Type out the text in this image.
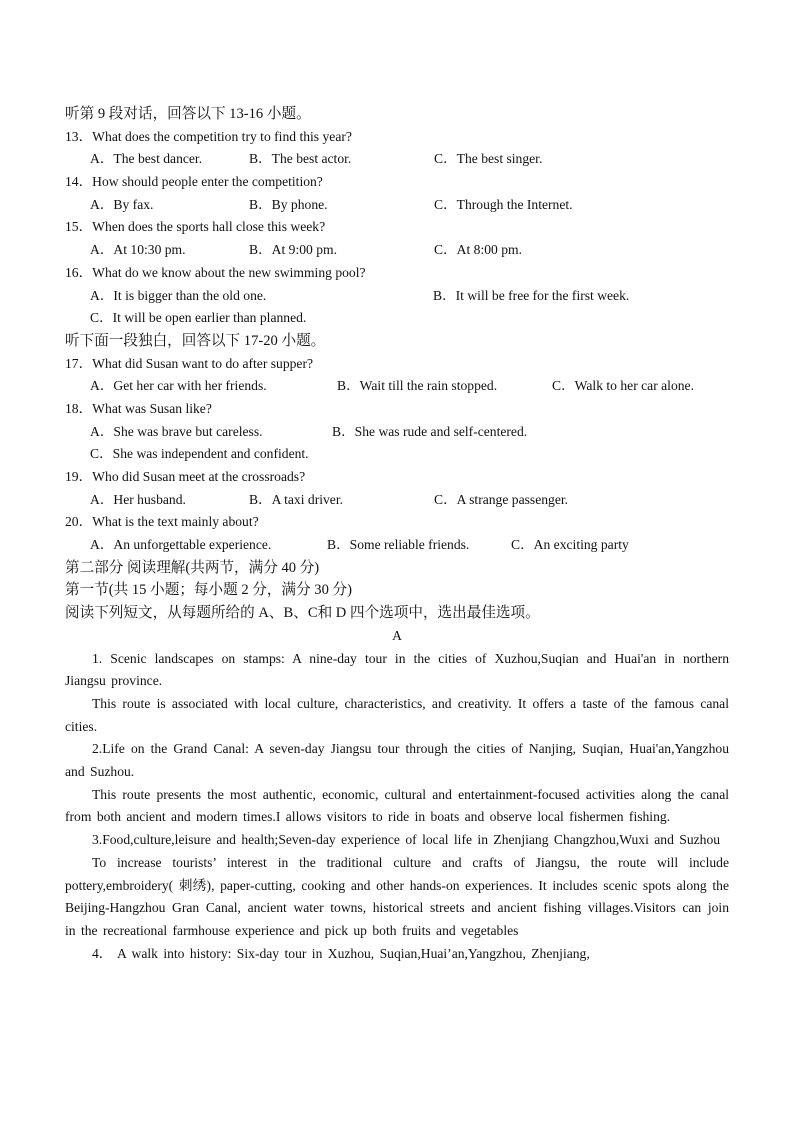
听第 9 段对话，回答以下 13-16 小题。
13．What does the competition try to find this year?
A．The best dancer.	B．The best actor.	C．The best singer.
14．How should people enter the competition?
A．By fax.	B．By phone.	C．Through the Internet.
15．When does the sports hall close this week?
A．At 10:30 pm.	B．At 9:00 pm.	C．At 8:00 pm.
16．What do we know about the new swimming pool?
A．It is bigger than the old one.	B．It will be free for the first week.
C．It will be open earlier than planned.
听下面一段独白，回答以下 17-20 小题。
17．What did Susan want to do after supper?
A．Get her car with her friends.	B．Wait till the rain stopped.	C．Walk to her car alone.
18．What was Susan like?
A．She was brave but careless.	B．She was rude and self-centered.
C．She was independent and confident.
19．Who did Susan meet at the crossroads?
A．Her husband.	B．A taxi driver.	C．A strange passenger.
20．What is the text mainly about?
A．An unforgettable experience.	B．Some reliable friends.	C．An exciting party
第二部分 阅读理解(共两节，满分 40 分)
第一节(共 15 小题；每小题 2 分，满分 30 分)
阅读下列短文，从每题所给的 A、B、C和 D 四个选项中，选出最佳选项。
A
1. Scenic landscapes on stamps: A nine-day tour in the cities of Xuzhou,Suqian and Huai'an in northern Jiangsu province.
This route is associated with local culture, characteristics, and creativity. It offers a taste of the famous canal cities.
2.Life on the Grand Canal: A seven-day Jiangsu tour through the cities of Nanjing, Suqian, Huai'an,Yangzhou and Suzhou.
This route presents the most authentic, economic, cultural and entertainment-focused activities along the canal from both ancient and modern times.I allows visitors to ride in boats and observe local fishermen fishing.
3.Food,culture,leisure and health;Seven-day experience of local life in Zhenjiang Changzhou,Wuxi and Suzhou
To increase tourists’ interest in the traditional culture and crafts of Jiangsu, the route will include pottery,embroidery( 刺绣), paper-cutting, cooking and other hands-on experiences. It includes scenic spots along the Beijing-Hangzhou Gran Canal, ancient water towns, historical streets and ancient fishing villages.Visitors can join in the recreational farmhouse experience and pick up both fruits and vegetables
4． A walk into history: Six-day tour in Xuzhou, Suqian,Huai’an,Yangzhou, Zhenjiang,
